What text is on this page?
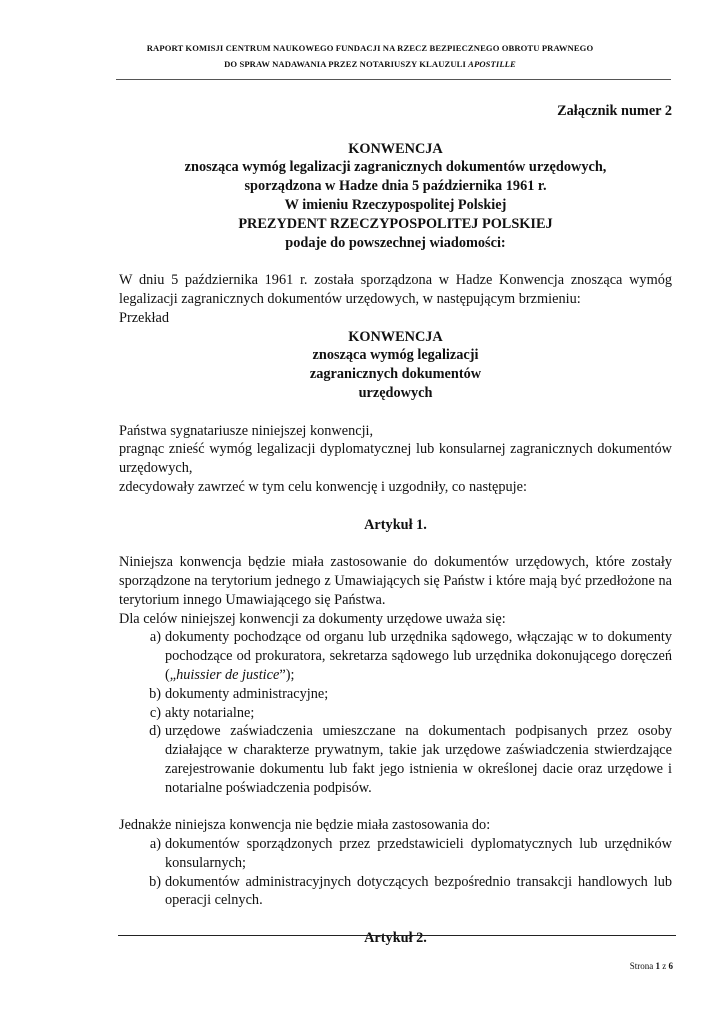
RAPORT KOMISJI CENTRUM NAUKOWEGO FUNDACJI NA RZECZ BEZPIECZNEGO OBROTU PRAWNEGO
DO SPRAW NADAWANIA PRZEZ NOTARIUSZY KLAUZULI APOSTILLE

Załącznik numer 2

KONWENCJA

znosząca wymóg legalizacji zagranicznych dokumentów urzędowych,

sporządzona w Hadze dnia 5 października 1961 r.

W imieniu Rzeczypospolitej Polskiej

PREZYDENT RZECZYPOSPOLITEJ POLSKIEJ

podaje do powszechnej wiadomości:

W dniu 5 października 1961 r. została sporządzona w Hadze Konwencja znosząca wymóg legalizacji zagranicznych dokumentów urzędowych, w następującym brzmieniu:

Przekład

KONWENCJA

znosząca wymóg legalizacji

zagranicznych dokumentów

urzędowych

Państwa sygnatariusze niniejszej konwencji,

pragnąc znieść wymóg legalizacji dyplomatycznej lub konsularnej zagranicznych dokumentów urzędowych,

zdecydowały zawrzeć w tym celu konwencję i uzgodniły, co następuje:

Artykuł 1.

Niniejsza konwencja będzie miała zastosowanie do dokumentów urzędowych, które zostały sporządzone na terytorium jednego z Umawiających się Państw i które mają być przedłożone na terytorium innego Umawiającego się Państwa.

Dla celów niniejszej konwencji za dokumenty urzędowe uważa się:

a) dokumenty pochodzące od organu lub urzędnika sądowego, włączając w to dokumenty pochodzące od prokuratora, sekretarza sądowego lub urzędnika dokonującego doręczeń („huissier de justice”);
b) dokumenty administracyjne;
c) akty notarialne;
d) urzędowe zaświadczenia umieszczane na dokumentach podpisanych przez osoby działające w charakterze prywatnym, takie jak urzędowe zaświadczenia stwierdzające zarejestrowanie dokumentu lub fakt jego istnienia w określonej dacie oraz urzędowe i notarialne poświadczenia podpisów.

Jednakże niniejsza konwencja nie będzie miała zastosowania do:

a) dokumentów sporządzonych przez przedstawicieli dyplomatycznych lub urzędników konsularnych;
b) dokumentów administracyjnych dotyczących bezpośrednio transakcji handlowych lub operacji celnych.

Artykuł 2.

Strona 1 z 6
